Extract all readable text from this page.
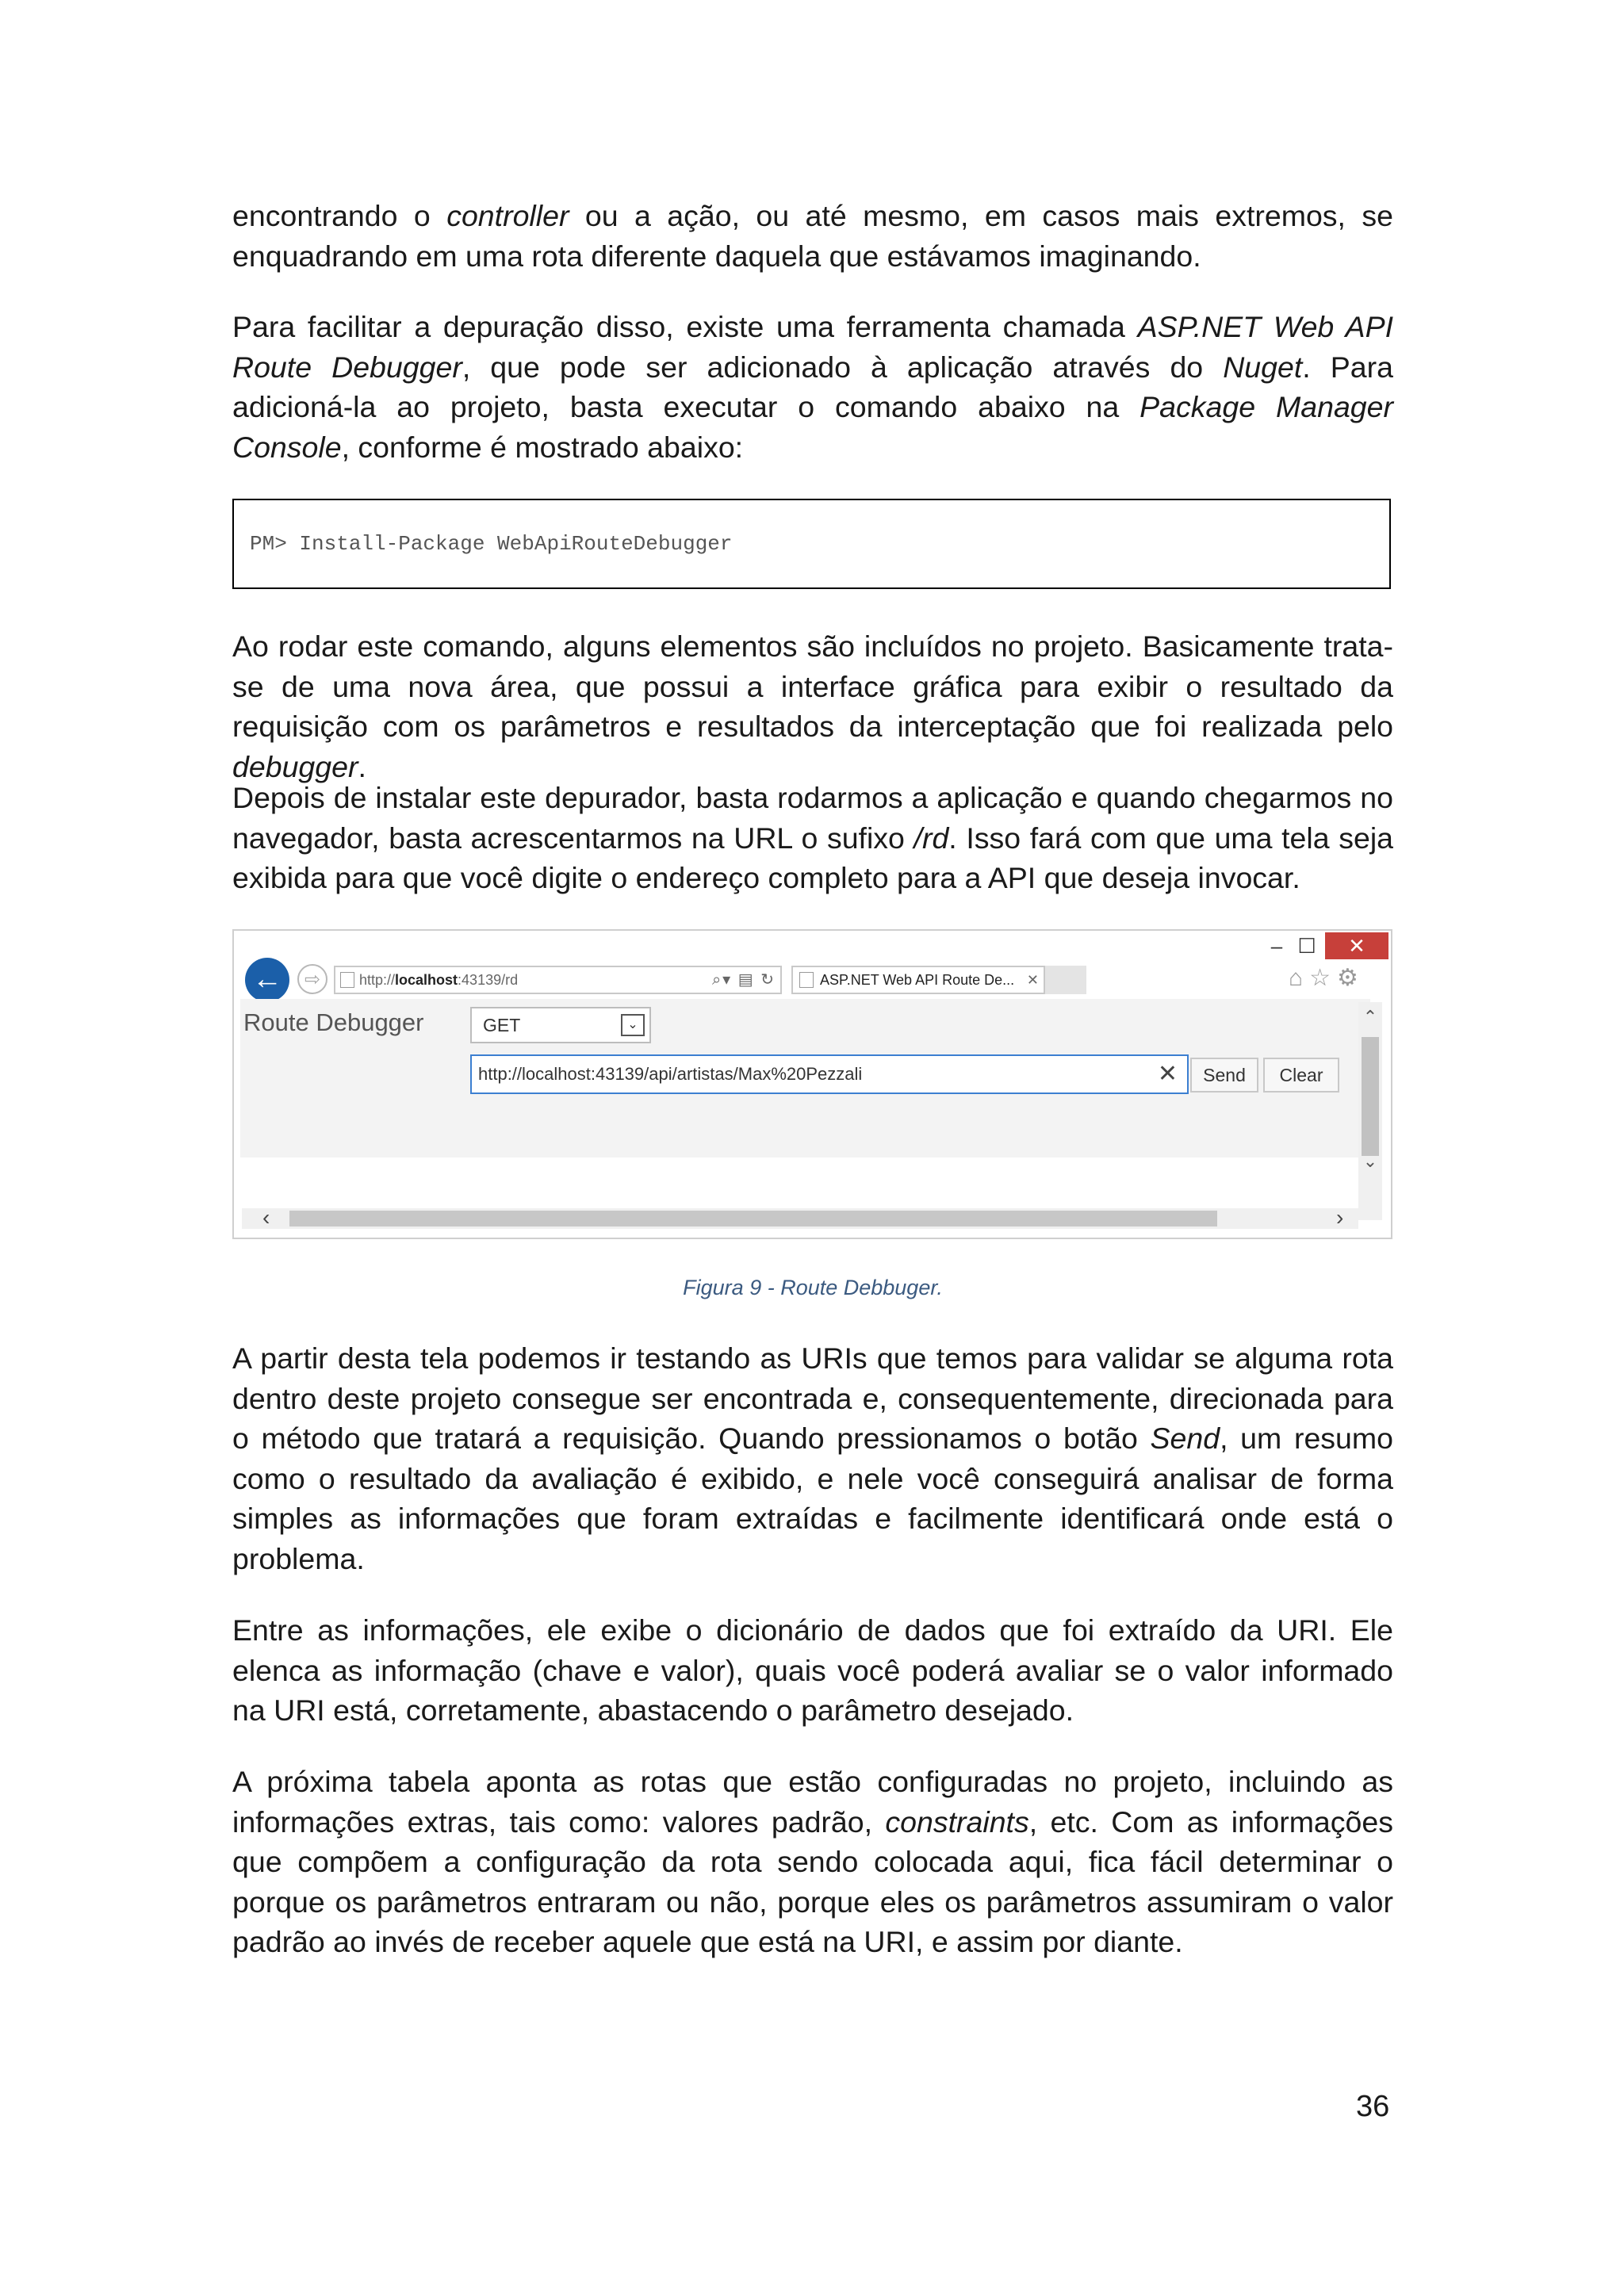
encontrando o controller ou a ação, ou até mesmo, em casos mais extremos, se enquadrando em uma rota diferente daquela que estávamos imaginando.

Para facilitar a depuração disso, existe uma ferramenta chamada ASP.NET Web API Route Debugger, que pode ser adicionado à aplicação através do Nuget. Para adicioná-la ao projeto, basta executar o comando abaixo na Package Manager Console, conforme é mostrado abaixo:

PM> Install-Package WebApiRouteDebugger

Ao rodar este comando, alguns elementos são incluídos no projeto. Basicamente trata-se de uma nova área, que possui a interface gráfica para exibir o resultado da requisição com os parâmetros e resultados da interceptação que foi realizada pelo debugger.

Depois de instalar este depurador, basta rodarmos a aplicação e quando chegarmos no navegador, basta acrescentarmos na URL o sufixo /rd. Isso fará com que uma tela seja exibida para que você digite o endereço completo para a API que deseja invocar.

– ☐	✕
←	⇨	http://localhost:43139/rd	⌕▾ ▤ ↻	ASP.NET Web API Route De... ✕	⌂☆⚙
Route Debugger	GET	⌄
http://localhost:43139/api/artistas/Max%20Pezzali	✕	Send	Clear
⌃
⌄
‹	›
Figura 9 - Route Debbuger.

A partir desta tela podemos ir testando as URIs que temos para validar se alguma rota dentro deste projeto consegue ser encontrada e, consequentemente, direcionada para o método que tratará a requisição. Quando pressionamos o botão Send, um resumo como o resultado da avaliação é exibido, e nele você conseguirá analisar de forma simples as informações que foram extraídas e facilmente identificará onde está o problema.

Entre as informações, ele exibe o dicionário de dados que foi extraído da URI. Ele elenca as informação (chave e valor), quais você poderá avaliar se o valor informado na URI está, corretamente, abastacendo o parâmetro desejado.

A próxima tabela aponta as rotas que estão configuradas no projeto, incluindo as informações extras, tais como: valores padrão, constraints, etc. Com as informações que compõem a configuração da rota sendo colocada aqui, fica fácil determinar o porque os parâmetros entraram ou não, porque eles os parâmetros assumiram o valor padrão ao invés de receber aquele que está na URI, e assim por diante.

36
